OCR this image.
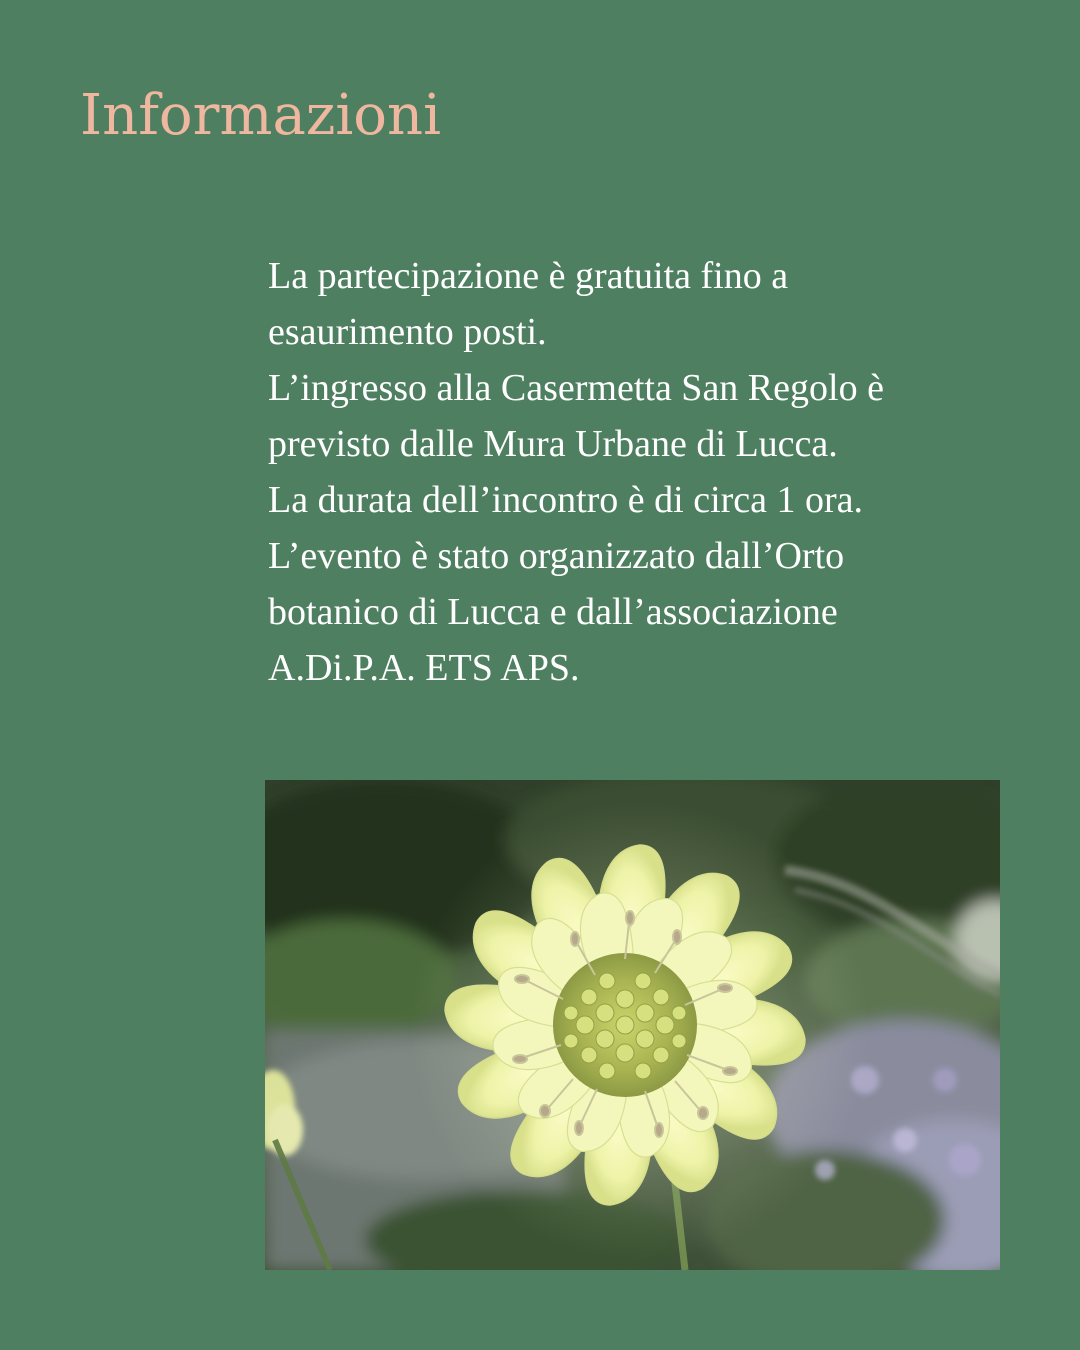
Informazioni
La partecipazione è gratuita fino a
esaurimento posti.
L’ingresso alla Casermetta San Regolo è
previsto dalle Mura Urbane di Lucca.
La durata dell’incontro è di circa 1 ora.
L’evento è stato organizzato dall’Orto
botanico di Lucca e dall’associazione
A.Di.P.A. ETS APS.
